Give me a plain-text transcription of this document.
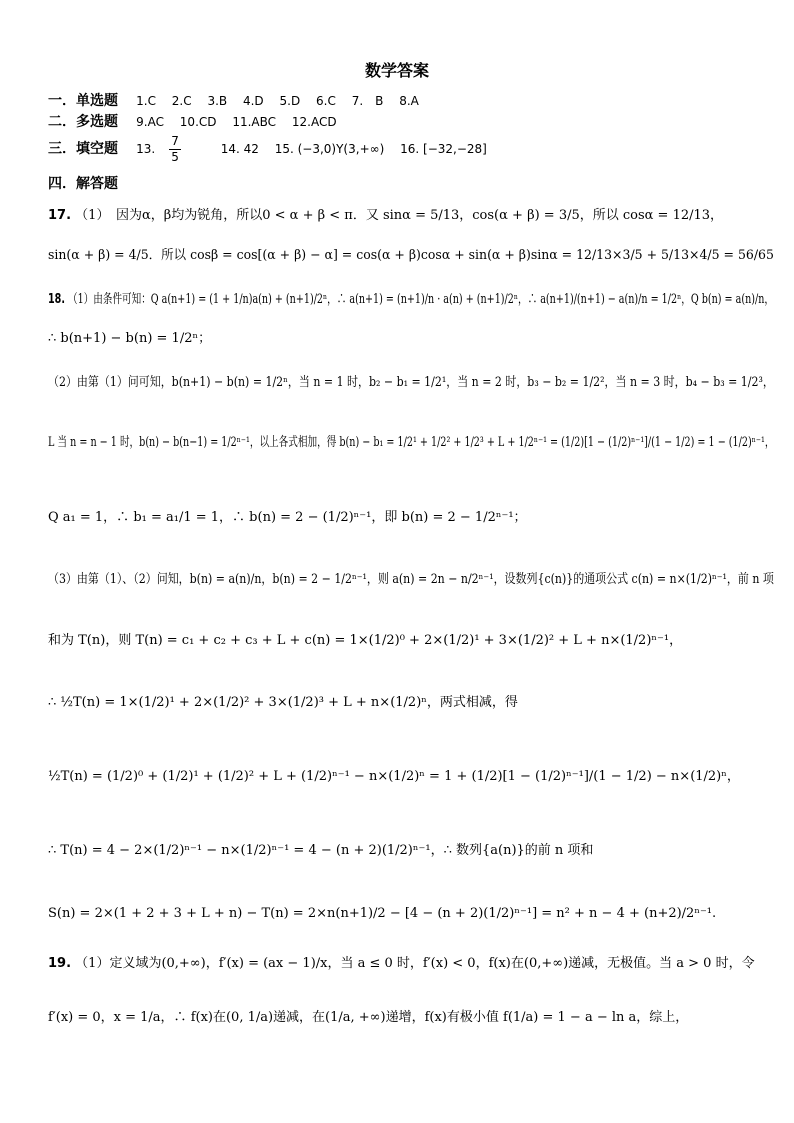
数学答案
一．单选题 1.C 2.C 3.B 4.D 5.D 6.C 7.　B 8.A
二．多选题 9.AC 10.CD 11.ABC 12.ACD
三．填空题 13. $\frac{7}{5} 14$. 42 15. (−3,0)Y(3,+∞) 16. [−32,−28]
四．解答题
17. （1）　因为α，β均为锐角，所以0 < α + β < π．又 sinα = 5/13，cos(α + β) = 3/5，所以 cosα = 12/13，
sin(α + β) = 4/5．所以 cosβ = cos[(α + β) − α] = cos(α + β)cosα + sin(α + β)sinα = 12/13×3/5 + 5/13×4/5 = 56/65
18. （1）由条件可知：Q a(n+1) = (1 + 1/n)a(n) + (n+1)/2ⁿ，∴ a(n+1) = (n+1)/n · a(n) + (n+1)/2ⁿ，∴ a(n+1)/(n+1) − a(n)/n = 1/2ⁿ，Q b(n) = a(n)/n，
∴ b(n+1) − b(n) = 1/2ⁿ；
（2）由第（1）问可知，b(n+1) − b(n) = 1/2ⁿ，当 n = 1 时，b₂ − b₁ = 1/2¹，当 n = 2 时，b₃ − b₂ = 1/2²，当 n = 3 时，b₄ − b₃ = 1/2³，
L 当 n = n − 1 时，b(n) − b(n−1) = 1/2ⁿ⁻¹，以上各式相加，得 b(n) − b₁ = 1/2¹ + 1/2² + 1/2³ + L + 1/2ⁿ⁻¹ = (1/2)[1 − (1/2)ⁿ⁻¹]/(1 − 1/2) = 1 − (1/2)ⁿ⁻¹，
Q a₁ = 1，∴ b₁ = a₁/1 = 1，∴ b(n) = 2 − (1/2)ⁿ⁻¹，即 b(n) = 2 − 1/2ⁿ⁻¹；
（3）由第（1）、（2）问知，b(n) = a(n)/n，b(n) = 2 − 1/2ⁿ⁻¹，则 a(n) = 2n − n/2ⁿ⁻¹，设数列{c(n)}的通项公式 c(n) = n×(1/2)ⁿ⁻¹，前 n 项
和为 T(n)，则 T(n) = c₁ + c₂ + c₃ + L + c(n) = 1×(1/2)⁰ + 2×(1/2)¹ + 3×(1/2)² + L + n×(1/2)ⁿ⁻¹，
∴ ½T(n) = 1×(1/2)¹ + 2×(1/2)² + 3×(1/2)³ + L + n×(1/2)ⁿ，两式相减，得
½T(n) = (1/2)⁰ + (1/2)¹ + (1/2)² + L + (1/2)ⁿ⁻¹ − n×(1/2)ⁿ = 1 + (1/2)[1 − (1/2)ⁿ⁻¹]/(1 − 1/2) − n×(1/2)ⁿ，
∴ T(n) = 4 − 2×(1/2)ⁿ⁻¹ − n×(1/2)ⁿ⁻¹ = 4 − (n + 2)(1/2)ⁿ⁻¹，∴ 数列{a(n)}的前 n 项和
S(n) = 2×(1 + 2 + 3 + L + n) − T(n) = 2×n(n+1)/2 − [4 − (n + 2)(1/2)ⁿ⁻¹] = n² + n − 4 + (n+2)/2ⁿ⁻¹.
19. （1）定义域为(0,+∞)，f′(x) = (ax − 1)/x，当 a ≤ 0 时，f′(x) < 0，f(x)在(0,+∞)递减，无极值。当 a > 0 时，令
f′(x) = 0，x = 1/a，∴ f(x)在(0, 1/a)递减，在(1/a, +∞)递增，f(x)有极小值 f(1/a) = 1 − a − ln a，综上，
